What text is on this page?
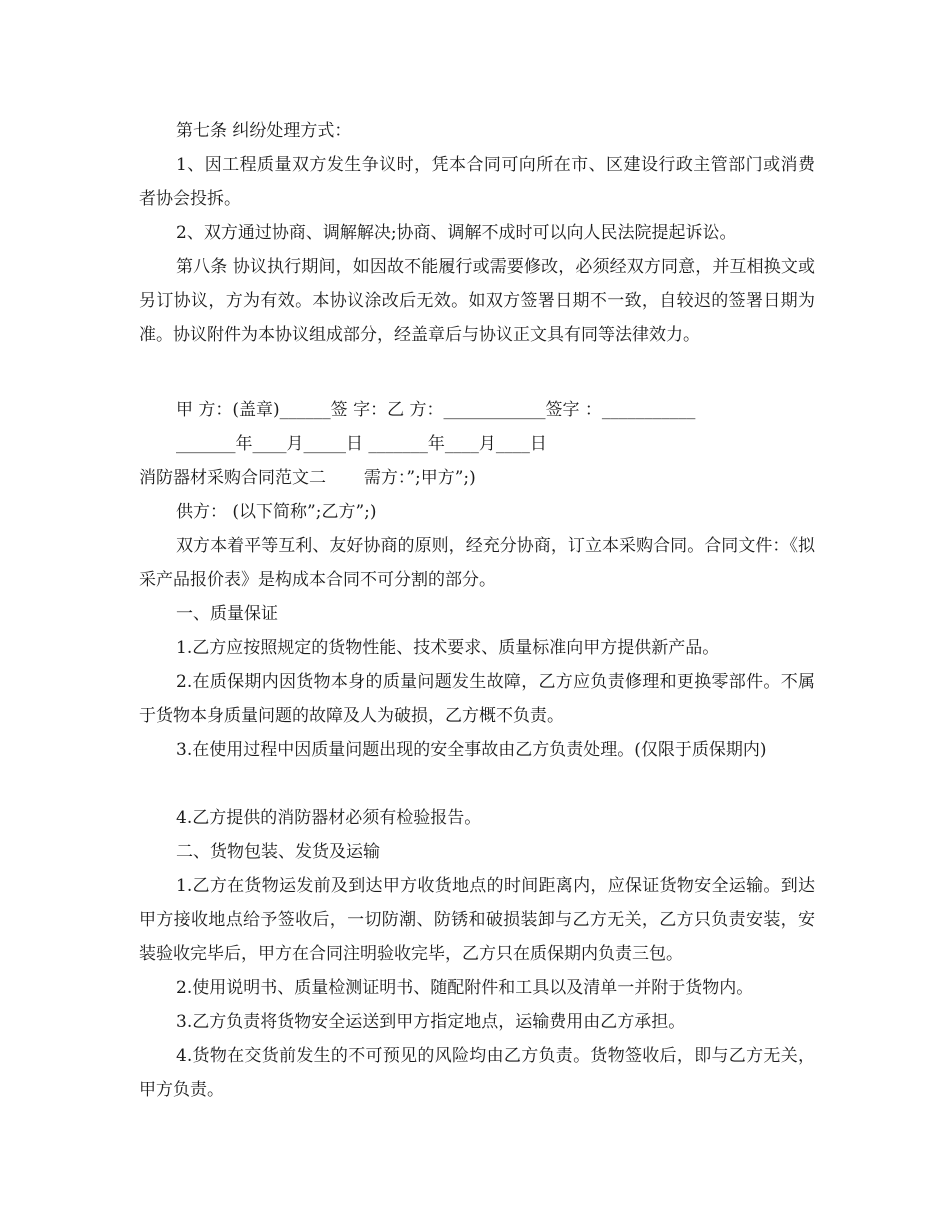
第七条 纠纷处理方式：
1、因工程质量双方发生争议时，凭本合同可向所在市、区建设行政主管部门或消费者协会投拆。
2、双方通过协商、调解解决;协商、调解不成时可以向人民法院提起诉讼。
第八条 协议执行期间，如因故不能履行或需要修改，必须经双方同意，并互相换文或另订协议，方为有效。本协议涂改后无效。如双方签署日期不一致，自较迟的签署日期为准。协议附件为本协议组成部分，经盖章后与协议正文具有同等法律效力。
甲 方：(盖章)______签 字：乙 方：____________签字 ：___________
_______年____月_____日 _______年____月____日
消防器材采购合同范文二       需方：”;甲方”;)
供方： (以下简称”;乙方”;)
双方本着平等互利、友好协商的原则，经充分协商，订立本采购合同。合同文件：《拟采产品报价表》是构成本合同不可分割的部分。
一、质量保证
1.乙方应按照规定的货物性能、技术要求、质量标准向甲方提供新产品。
2.在质保期内因货物本身的质量问题发生故障，乙方应负责修理和更换零部件。不属于货物本身质量问题的故障及人为破损，乙方概不负责。
3.在使用过程中因质量问题出现的安全事故由乙方负责处理。(仅限于质保期内)
4.乙方提供的消防器材必须有检验报告。
二、货物包装、发货及运输
1.乙方在货物运发前及到达甲方收货地点的时间距离内，应保证货物安全运输。到达甲方接收地点给予签收后，一切防潮、防锈和破损装卸与乙方无关，乙方只负责安装，安装验收完毕后，甲方在合同注明验收完毕，乙方只在质保期内负责三包。
2.使用说明书、质量检测证明书、随配附件和工具以及清单一并附于货物内。
3.乙方负责将货物安全运送到甲方指定地点，运输费用由乙方承担。
4.货物在交货前发生的不可预见的风险均由乙方负责。货物签收后，即与乙方无关，甲方负责。
